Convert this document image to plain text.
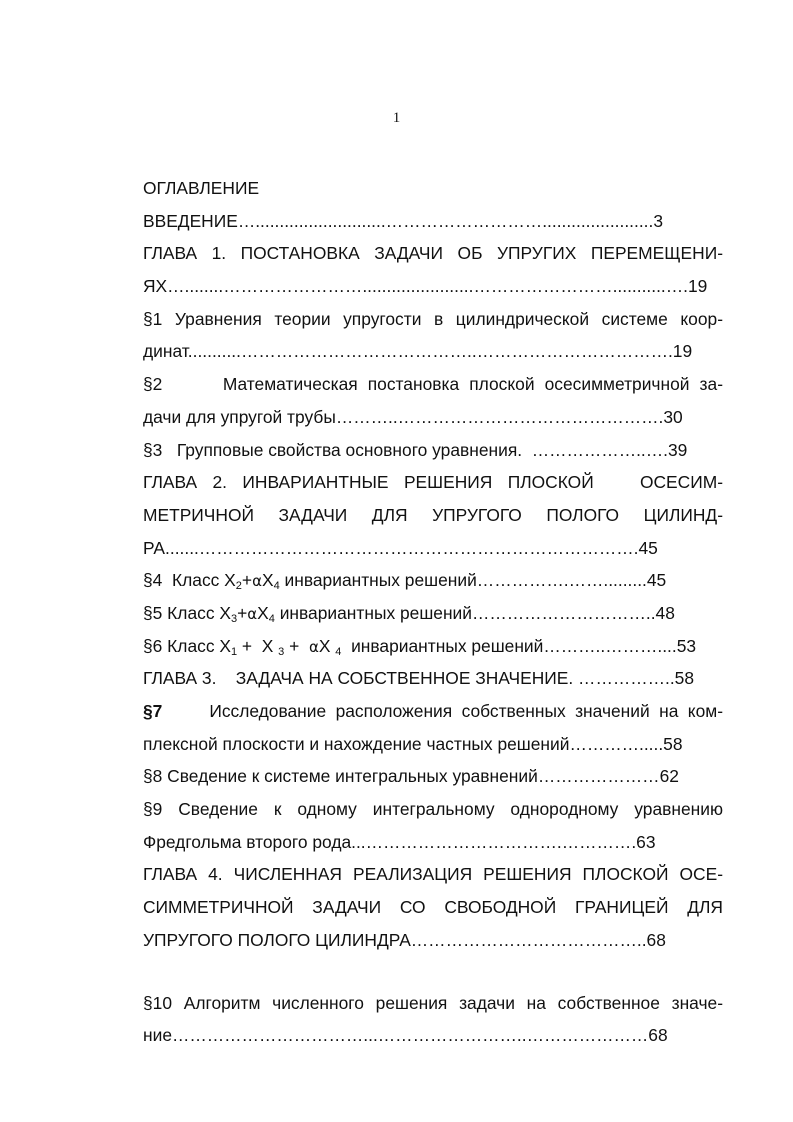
1
ОГЛАВЛЕНИЕ
ВВЕДЕНИЕ…...........................……………………….......................3
ГЛАВА 1. ПОСТАНОВКА ЗАДАЧИ ОБ УПРУГИХ ПЕРЕМЕЩЕНИ-
ЯХ…........…………………….......................……………………...........….19
§1 Уравнения теории упругости в цилиндрической системе коор-
динат...........…………………………………..…………………………….19
§2      Математическая постановка плоской осесимметричной за-
дачи для упругой трубы………..……………………………………….30
§3   Групповые свойства основного уравнения.  ………………..….39
ГЛАВА 2. ИНВАРИАНТНЫЕ РЕШЕНИЯ ПЛОСКОЙ   ОСЕСИМ-
МЕТРИЧНОЙ ЗАДАЧИ ДЛЯ УПРУГОГО ПОЛОГО ЦИЛИНД-
РА.......………………………………………………………………….45
§4  Класс $X_2+\alpha X_4$ инвариантных решений…………….…….........45
§5 Класс $X_3+\alpha X_4$ инвариантных решений…………………………..48
§6 Класс $X_1 + X$ $_3$ +  αX $_4$  инвариантных решений………..………....53
ГЛАВА 3.    ЗАДАЧА НА СОБСТВЕННОЕ ЗНАЧЕНИЕ. ……………..58
§7     Исследование расположения собственных значений на ком-
плексной плоскости и нахождение частных решений………….....58
§8 Сведение к системе интегральных уравнений…………………62
§9 Сведение к одному интегральному однородному уравнению
Фредгольма второго рода...…………………………….………….63
ГЛАВА 4. ЧИСЛЕННАЯ РЕАЛИЗАЦИЯ РЕШЕНИЯ ПЛОСКОЙ ОСЕ-
СИММЕТРИЧНОЙ ЗАДАЧИ СО СВОБОДНОЙ ГРАНИЦЕЙ ДЛЯ
УПРУГОГО ПОЛОГО ЦИЛИНДРА…………………………………..68
§10 Алгоритм численного решения задачи на собственное значе-
ние……………………………...……………………..…………………68
